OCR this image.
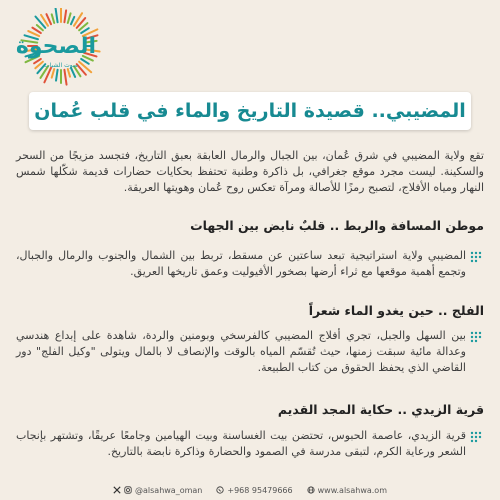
الصحوة
صوت الشباب
المضيبي.. قصيدة التاريخ والماء في قلب عُمان

تقع ولاية المضيبي في شرق عُمان، بين الجبال والرمال العابقة بعبق التاريخ، فتجسد مزيجًا من السحر والسكينة. ليست مجرد موقع جغرافي، بل ذاكرة وطنية تحتفظ بحكايات حضارات قديمة شكّلها شمس النهار ومياه الأفلاج، لتصبح رمزًا للأصالة ومرآة تعكس روح عُمان وهويتها العريقة.

موطن المسافة والربط .. قلبٌ نابض بين الجهات

المضيبي ولاية استراتيجية تبعد ساعتين عن مسقط، تربط بين الشمال والجنوب والرمال والجبال، وتجمع أهمية موقعها مع ثراء أرضها بصخور الأفيوليت وعمق تاريخها العريق.

الفلج .. حين يغدو الماء شعراً

بين السهل والجبل، تجري أفلاج المضيبي كالفرسخي وبومنين والردة، شاهدة على إبداع هندسي وعدالة مائية سبقت زمنها، حيث تُقسّم المياه بالوقت والإنصاف لا بالمال ويتولى "وكيل الفلج" دور القاضي الذي يحفظ الحقوق من كتاب الطبيعة.

قرية الزيدي .. حكاية المجد القديم

قرية الزيدي، عاصمة الحبوس، تحتضن بيت الغساسنة وبيت الهيامين وجامعًا عريقًا، وتشتهر بإنجاب الشعر ورعاية الكرم، لتبقى مدرسة في الصمود والحضارة وذاكرة نابضة بالتاريخ.

@alsahwa_oman	+968 95479666	www.alsahwa.om
